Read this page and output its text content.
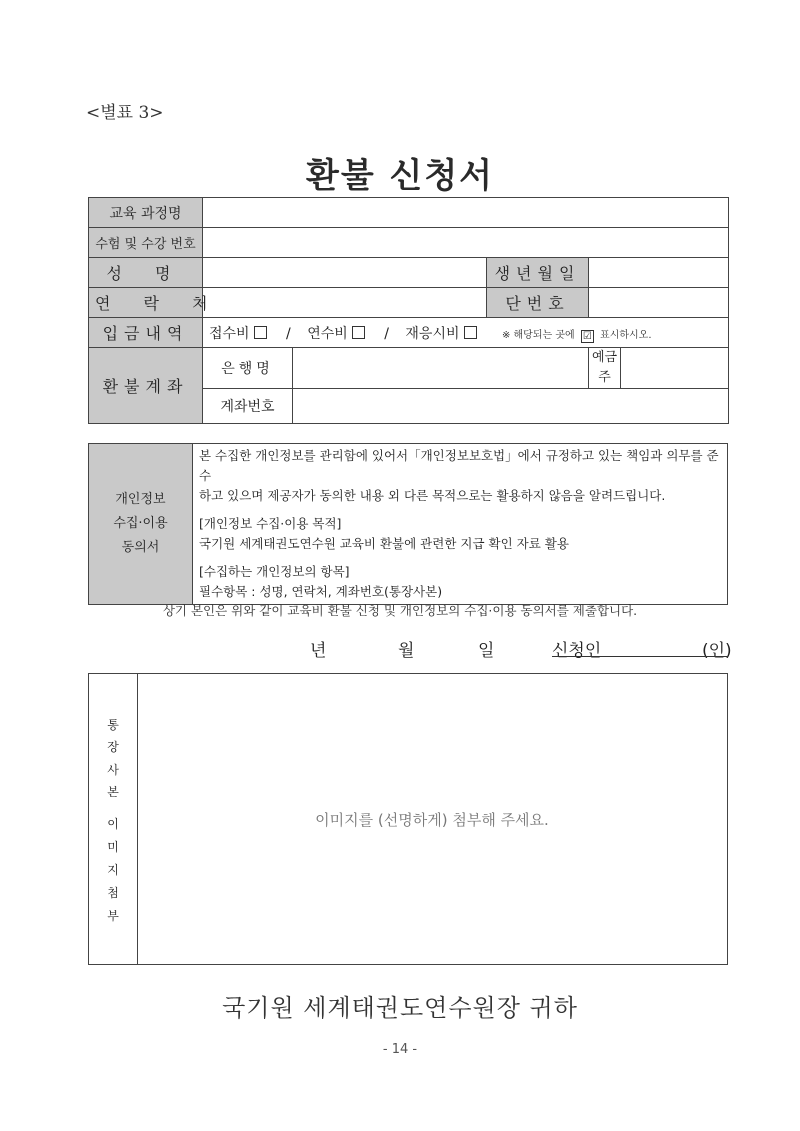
<별표 3>
환불 신청서
교육 과정명					
수험 및 수강 번호					
성 명			생년월일		
연 락 처			단번호		
입금내역	접수비 / 연수비 / 재응시비 ※ 해당되는 곳에 ☑ 표시하시오.				
환불계좌	은행명			예금
주	

	계좌번호				
개인정보
수집·이용
동의서

본 수집한 개인정보를 관리함에 있어서「개인정보보호법」에서 규정하고 있는 책임과 의무를 준수
하고 있으며 제공자가 동의한 내용 외 다른 목적으로는 활용하지 않음을 알려드립니다.
[개인정보 수집·이용 목적]
국기원 세계태권도연수원 교육비 환불에 관련한 지급 확인 자료 활용
[수집하는 개인정보의 항목]
필수항목 : 성명, 연락처, 계좌번호(통장사본)
상기 본인은 위와 같이 교육비 환불 신청 및 개인정보의 수집·이용 동의서를 제출합니다.
년	월	일	신청인	(인)
통
장
사
본
이
미
지
첨
부
이미지를 (선명하게) 첨부해 주세요.
국기원 세계태권도연수원장 귀하
- 14 -
